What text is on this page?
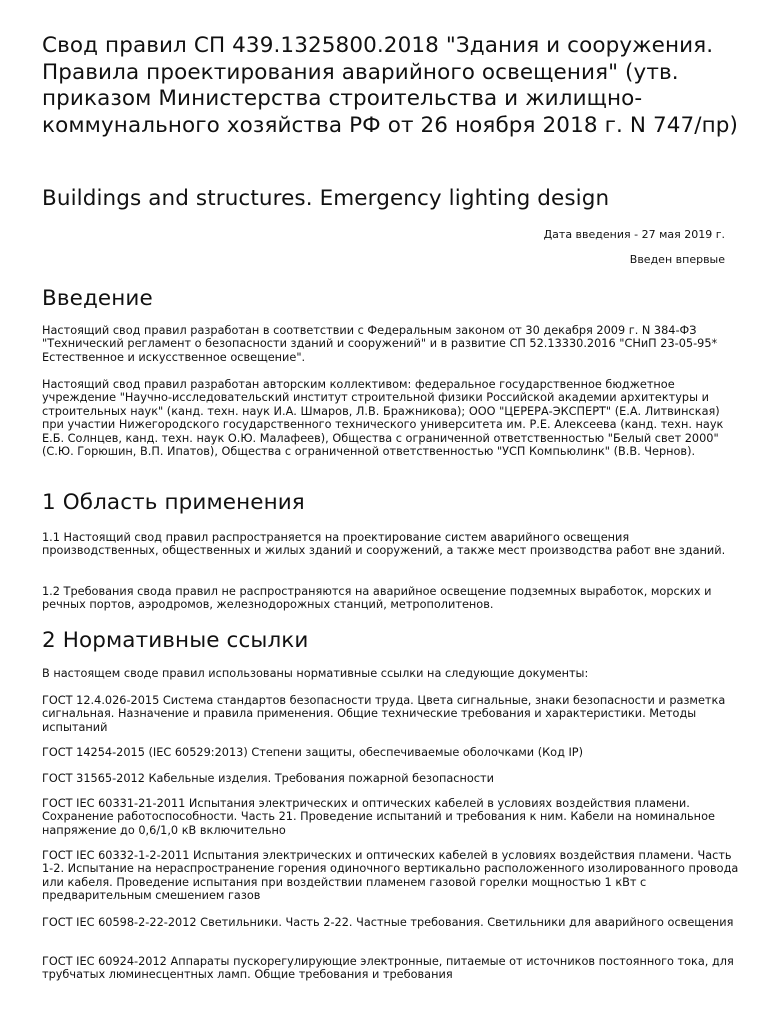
Свод правил СП 439.1325800.2018 "Здания и сооружения. Правила проектирования аварийного освещения" (утв. приказом Министерства строительства и жилищно-коммунального хозяйства РФ от 26 ноября 2018 г. N 747/пр)
Buildings and structures. Emergency lighting design

Дата введения - 27 мая 2019 г.

Введен впервые

Введение

Настоящий свод правил разработан в соответствии с Федеральным законом от 30 декабря 2009 г. N 384-ФЗ "Технический регламент о безопасности зданий и сооружений" и в развитие СП 52.13330.2016 "СНиП 23-05-95* Естественное и искусственное освещение".

Настоящий свод правил разработан авторским коллективом: федеральное государственное бюджетное учреждение "Научно-исследовательский институт строительной физики Российской академии архитектуры и строительных наук" (канд. техн. наук И.А. Шмаров, Л.В. Бражникова); ООО "ЦЕРЕРА-ЭКСПЕРТ" (Е.А. Литвинская) при участии Нижегородского государственного технического университета им. Р.Е. Алексеева (канд. техн. наук Е.Б. Солнцев, канд. техн. наук О.Ю. Малафеев), Общества с ограниченной ответственностью "Белый свет 2000" (С.Ю. Горюшин, В.П. Ипатов), Общества с ограниченной ответственностью "УСП Компьюлинк" (В.В. Чернов).

1 Область применения

1.1 Настоящий свод правил распространяется на проектирование систем аварийного освещения производственных, общественных и жилых зданий и сооружений, а также мест производства работ вне зданий.

1.2 Требования свода правил не распространяются на аварийное освещение подземных выработок, морских и речных портов, аэродромов, железнодорожных станций, метрополитенов.

2 Нормативные ссылки

В настоящем своде правил использованы нормативные ссылки на следующие документы:

ГОСТ 12.4.026-2015 Система стандартов безопасности труда. Цвета сигнальные, знаки безопасности и разметка сигнальная. Назначение и правила применения. Общие технические требования и характеристики. Методы испытаний

ГОСТ 14254-2015 (IEC 60529:2013) Степени защиты, обеспечиваемые оболочками (Код IP)

ГОСТ 31565-2012 Кабельные изделия. Требования пожарной безопасности

ГОСТ IEC 60331-21-2011 Испытания электрических и оптических кабелей в условиях воздействия пламени. Сохранение работоспособности. Часть 21. Проведение испытаний и требования к ним. Кабели на номинальное напряжение до 0,6/1,0 кВ включительно

ГОСТ IEC 60332-1-2-2011 Испытания электрических и оптических кабелей в условиях воздействия пламени. Часть 1-2. Испытание на нераспространение горения одиночного вертикально расположенного изолированного провода или кабеля. Проведение испытания при воздействии пламенем газовой горелки мощностью 1 кВт с предварительным смешением газов

ГОСТ IEC 60598-2-22-2012 Светильники. Часть 2-22. Частные требования. Светильники для аварийного освещения

ГОСТ IEC 60924-2012 Аппараты пускорегулирующие электронные, питаемые от источников постоянного тока, для трубчатых люминесцентных ламп. Общие требования и требования
